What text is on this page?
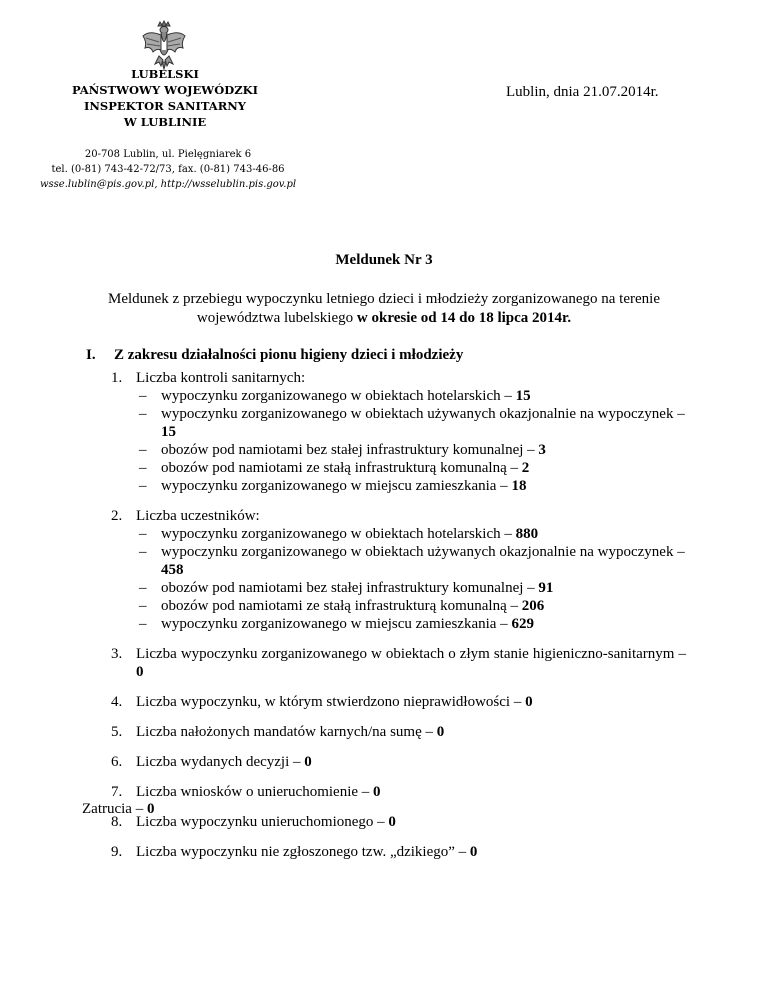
LUBELSKI
PAŃSTWOWY WOJEWÓDZKI
INSPEKTOR SANITARNY
W LUBLINIE
Lublin, dnia 21.07.2014r.
20-708 Lublin, ul. Pielęgniarek 6
tel. (0-81) 743-42-72/73, fax. (0-81) 743-46-86
wsse.lublin@pis.gov.pl, http://wsselublin.pis.gov.pl
Meldunek Nr 3
Meldunek z przebiegu wypoczynku letniego dzieci i młodzieży zorganizowanego na terenie województwa lubelskiego w okresie od 14 do 18 lipca 2014r.
I. Z zakresu działalności pionu higieny dzieci i młodzieży
1. Liczba kontroli sanitarnych:
– wypoczynku zorganizowanego w obiektach hotelarskich – 15
– wypoczynku zorganizowanego w obiektach używanych okazjonalnie na wypoczynek – 15
– obozów pod namiotami bez stałej infrastruktury komunalnej – 3
– obozów pod namiotami ze stałą infrastrukturą komunalną – 2
– wypoczynku zorganizowanego w miejscu zamieszkania – 18
2. Liczba uczestników:
– wypoczynku zorganizowanego w obiektach hotelarskich – 880
– wypoczynku zorganizowanego w obiektach używanych okazjonalnie na wypoczynek – 458
– obozów pod namiotami bez stałej infrastruktury komunalnej – 91
– obozów pod namiotami ze stałą infrastrukturą komunalną – 206
– wypoczynku zorganizowanego w miejscu zamieszkania – 629
3. Liczba wypoczynku zorganizowanego w obiektach o złym stanie higieniczno-sanitarnym – 0
4. Liczba wypoczynku, w którym stwierdzono nieprawidłowości – 0
5. Liczba nałożonych mandatów karnych/na sumę – 0
6. Liczba wydanych decyzji – 0
7. Liczba wniosków o unieruchomienie – 0
8. Liczba wypoczynku unieruchomionego – 0
9. Liczba wypoczynku nie zgłoszonego tzw. „dzikiego” – 0
Zatrucia – 0
